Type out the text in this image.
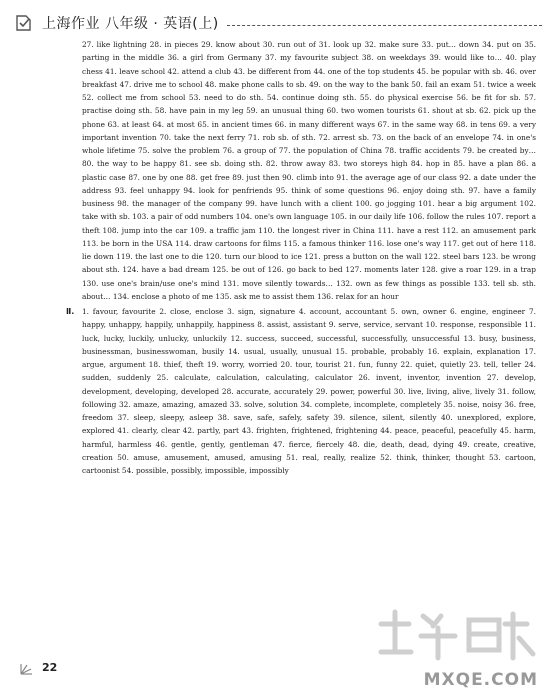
上海作业 八年级 · 英语(上)

27. like lightning 28. in pieces 29. know about 30. run out of 31. look up 32. make sure 33. put… down 34. put on 35. parting in the middle 36. a girl from Germany 37. my favourite subject 38. on weekdays 39. would like to… 40. play chess 41. leave school 42. attend a club 43. be different from 44. one of the top students 45. be popular with sb. 46. over breakfast 47. drive me to school 48. make phone calls to sb. 49. on the way to the bank 50. fail an exam 51. twice a week 52. collect me from school 53. need to do sth. 54. continue doing sth. 55. do physical exercise 56. be fit for sb. 57. practise doing sth. 58. have pain in my leg 59. an unusual thing 60. two women tourists 61. shout at sb. 62. pick up the phone 63. at least 64. at most 65. in ancient times 66. in many different ways 67. in the same way 68. in tens 69. a very important invention 70. take the next ferry 71. rob sb. of sth. 72. arrest sb. 73. on the back of an envelope 74. in one's whole lifetime 75. solve the problem 76. a group of 77. the population of China 78. traffic accidents 79. be created by… 80. the way to be happy 81. see sb. doing sth. 82. throw away 83. two storeys high 84. hop in 85. have a plan 86. a plastic case 87. one by one 88. get free 89. just then 90. climb into 91. the average age of our class 92. a date under the address 93. feel unhappy 94. look for penfriends 95. think of some questions 96. enjoy doing sth. 97. have a family business 98. the manager of the company 99. have lunch with a client 100. go jogging 101. hear a big argument 102. take with sb. 103. a pair of odd numbers 104. one's own language 105. in our daily life 106. follow the rules 107. report a theft 108. jump into the car 109. a traffic jam 110. the longest river in China 111. have a rest 112. an amusement park 113. be born in the USA 114. draw cartoons for films 115. a famous thinker 116. lose one's way 117. get out of here 118. lie down 119. the last one to die 120. turn our blood to ice 121. press a button on the wall 122. steel bars 123. be wrong about sth. 124. have a bad dream 125. be out of 126. go back to bed 127. moments later 128. give a roar 129. in a trap 130. use one's brain/use one's mind 131. move silently towards… 132. own as few things as possible 133. tell sb. sth. about… 134. enclose a photo of me 135. ask me to assist them 136. relax for an hour

Ⅱ. 1. favour, favourite 2. close, enclose 3. sign, signature 4. account, accountant 5. own, owner 6. engine, engineer 7. happy, unhappy, happily, unhappily, happiness 8. assist, assistant 9. serve, service, servant 10. response, responsible 11. luck, lucky, luckily, unlucky, unluckily 12. success, succeed, successful, successfully, unsuccessful 13. busy, business, businessman, businesswoman, busily 14. usual, usually, unusual 15. probable, probably 16. explain, explanation 17. argue, argument 18. thief, theft 19. worry, worried 20. tour, tourist 21. fun, funny 22. quiet, quietly 23. tell, teller 24. sudden, suddenly 25. calculate, calculation, calculating, calculator 26. invent, inventor, invention 27. develop, development, developing, developed 28. accurate, accurately 29. power, powerful 30. live, living, alive, lively 31. follow, following 32. amaze, amazing, amazed 33. solve, solution 34. complete, incomplete, completely 35. noise, noisy 36. free, freedom 37. sleep, sleepy, asleep 38. save, safe, safely, safety 39. silence, silent, silently 40. unexplored, explore, explored 41. clearly, clear 42. partly, part 43. frighten, frightened, frightening 44. peace, peaceful, peacefully 45. harm, harmful, harmless 46. gentle, gently, gentleman 47. fierce, fiercely 48. die, death, dead, dying 49. create, creative, creation 50. amuse, amusement, amused, amusing 51. real, really, realize 52. think, thinker, thought 53. cartoon, cartoonist 54. possible, possibly, impossible, impossibly

22
MXQE.COM
